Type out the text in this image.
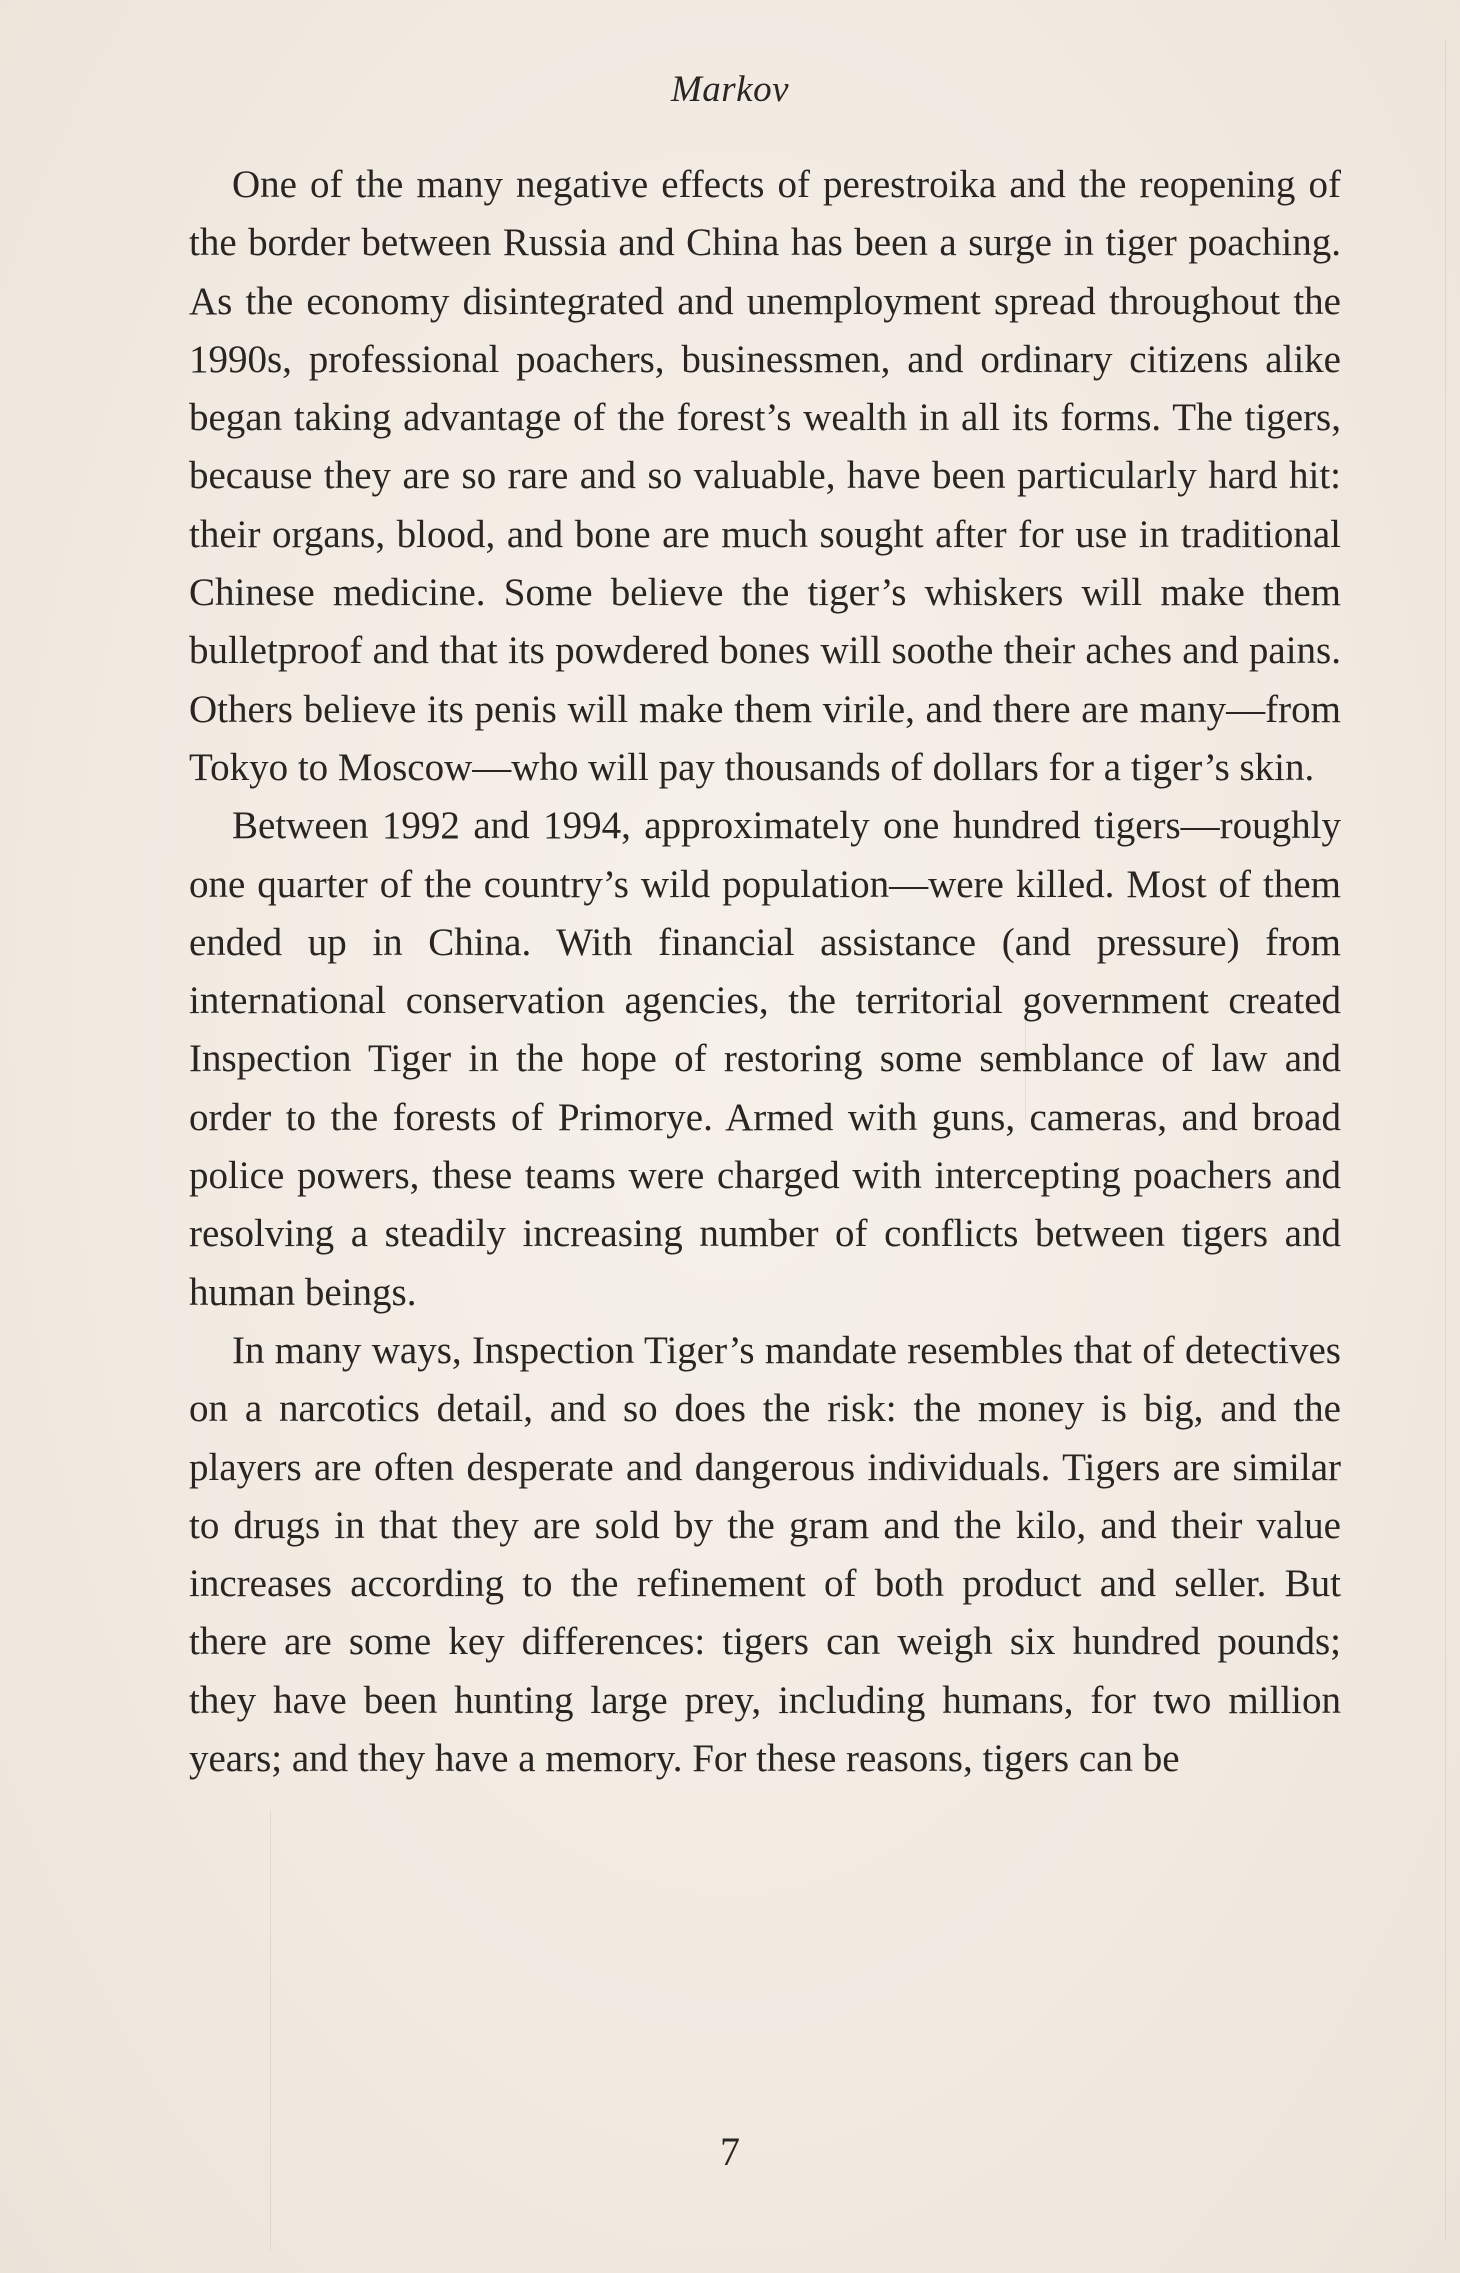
Markov

One of the many negative effects of perestroika and the reopening of the border between Russia and China has been a surge in tiger poaching. As the economy disintegrated and unemployment spread throughout the 1990s, professional poachers, businessmen, and ordinary citizens alike began taking advantage of the forest’s wealth in all its forms. The tigers, because they are so rare and so valuable, have been particularly hard hit: their organs, blood, and bone are much sought after for use in traditional Chinese medicine. Some believe the tiger’s whiskers will make them bulletproof and that its powdered bones will soothe their aches and pains. Others believe its penis will make them virile, and there are many—from Tokyo to Moscow—who will pay thousands of dollars for a tiger’s skin.

Between 1992 and 1994, approximately one hundred tigers—roughly one quarter of the country’s wild population—were killed. Most of them ended up in China. With financial assistance (and pressure) from international conservation agencies, the territorial government created Inspection Tiger in the hope of restoring some semblance of law and order to the forests of Primorye. Armed with guns, cameras, and broad police powers, these teams were charged with intercepting poachers and resolving a steadily increasing number of conflicts between tigers and human beings.

In many ways, Inspection Tiger’s mandate resembles that of detectives on a narcotics detail, and so does the risk: the money is big, and the players are often desperate and dangerous individuals. Tigers are similar to drugs in that they are sold by the gram and the kilo, and their value increases according to the refinement of both product and seller. But there are some key differences: tigers can weigh six hundred pounds; they have been hunting large prey, including humans, for two million years; and they have a memory. For these reasons, tigers can be

7
